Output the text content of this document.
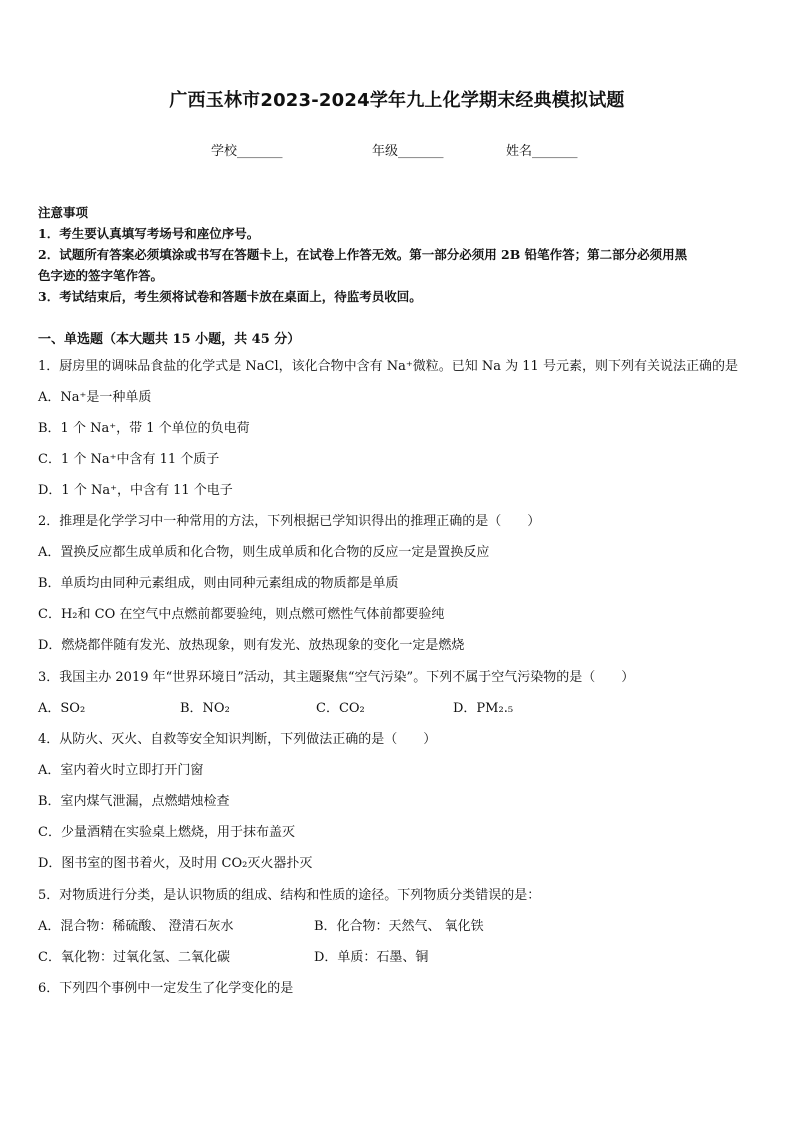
广西玉林市2023-2024学年九上化学期末经典模拟试题
学校_______	年级_______	姓名_______
注意事项
1．考生要认真填写考场号和座位序号。
2．试题所有答案必须填涂或书写在答题卡上，在试卷上作答无效。第一部分必须用 2B 铅笔作答；第二部分必须用黑
色字迹的签字笔作答。
3．考试结束后，考生须将试卷和答题卡放在桌面上，待监考员收回。
一、单选题（本大题共 15 小题，共 45 分）
1．厨房里的调味品食盐的化学式是 NaCl，该化合物中含有 Na⁺微粒。已知 Na 为 11 号元素，则下列有关说法正确的是
A．Na⁺是一种单质
B．1 个 Na⁺，带 1 个单位的负电荷
C．1 个 Na⁺中含有 11 个质子
D．1 个 Na⁺，中含有 11 个电子
2．推理是化学学习中一种常用的方法，下列根据已学知识得出的推理正确的是（　　）
A．置换反应都生成单质和化合物，则生成单质和化合物的反应一定是置换反应
B．单质均由同种元素组成，则由同种元素组成的物质都是单质
C．H₂和 CO 在空气中点燃前都要验纯，则点燃可燃性气体前都要验纯
D．燃烧都伴随有发光、放热现象，则有发光、放热现象的变化一定是燃烧
3．我国主办 2019 年“世界环境日”活动，其主题聚焦“空气污染”。下列不属于空气污染物的是（　　）
A．SO₂	B．NO₂	C．CO₂	D．PM₂.₅
4．从防火、灭火、自救等安全知识判断，下列做法正确的是（　　）
A．室内着火时立即打开门窗
B．室内煤气泄漏，点燃蜡烛检查
C．少量酒精在实验桌上燃烧，用于抹布盖灭
D．图书室的图书着火，及时用 CO₂灭火器扑灭
5．对物质进行分类，是认识物质的组成、结构和性质的途径。下列物质分类错误的是：
A．混合物：稀硫酸、 澄清石灰水	B．化合物：天然气、 氧化铁
C．氧化物：过氧化氢、二氧化碳	D．单质：石墨、铜
6．下列四个事例中一定发生了化学变化的是
